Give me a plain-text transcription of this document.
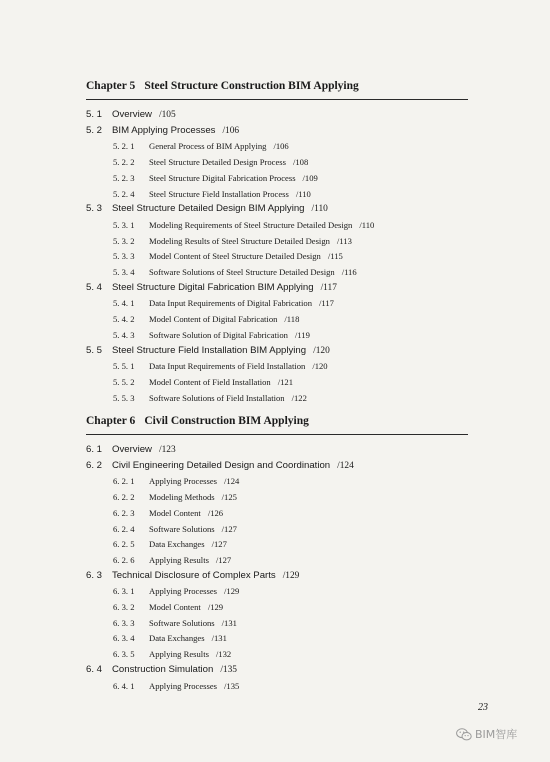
Chapter 5 Steel Structure Construction BIM Applying
5. 1 Overview /105
5. 2 BIM Applying Processes /106
5. 2. 1 General Process of BIM Applying /106
5. 2. 2 Steel Structure Detailed Design Process /108
5. 2. 3 Steel Structure Digital Fabrication Process /109
5. 2. 4 Steel Structure Field Installation Process /110
5. 3 Steel Structure Detailed Design BIM Applying /110
5. 3. 1 Modeling Requirements of Steel Structure Detailed Design /110
5. 3. 2 Modeling Results of Steel Structure Detailed Design /113
5. 3. 3 Model Content of Steel Structure Detailed Design /115
5. 3. 4 Software Solutions of Steel Structure Detailed Design /116
5. 4 Steel Structure Digital Fabrication BIM Applying /117
5. 4. 1 Data Input Requirements of Digital Fabrication /117
5. 4. 2 Model Content of Digital Fabrication /118
5. 4. 3 Software Solution of Digital Fabrication /119
5. 5 Steel Structure Field Installation BIM Applying /120
5. 5. 1 Data Input Requirements of Field Installation /120
5. 5. 2 Model Content of Field Installation /121
5. 5. 3 Software Solutions of Field Installation /122
Chapter 6 Civil Construction BIM Applying
6. 1 Overview /123
6. 2 Civil Engineering Detailed Design and Coordination /124
6. 2. 1 Applying Processes /124
6. 2. 2 Modeling Methods /125
6. 2. 3 Model Content /126
6. 2. 4 Software Solutions /127
6. 2. 5 Data Exchanges /127
6. 2. 6 Applying Results /127
6. 3 Technical Disclosure of Complex Parts /129
6. 3. 1 Applying Processes /129
6. 3. 2 Model Content /129
6. 3. 3 Software Solutions /131
6. 3. 4 Data Exchanges /131
6. 3. 5 Applying Results /132
6. 4 Construction Simulation /135
6. 4. 1 Applying Processes /135
23
BIM智库
